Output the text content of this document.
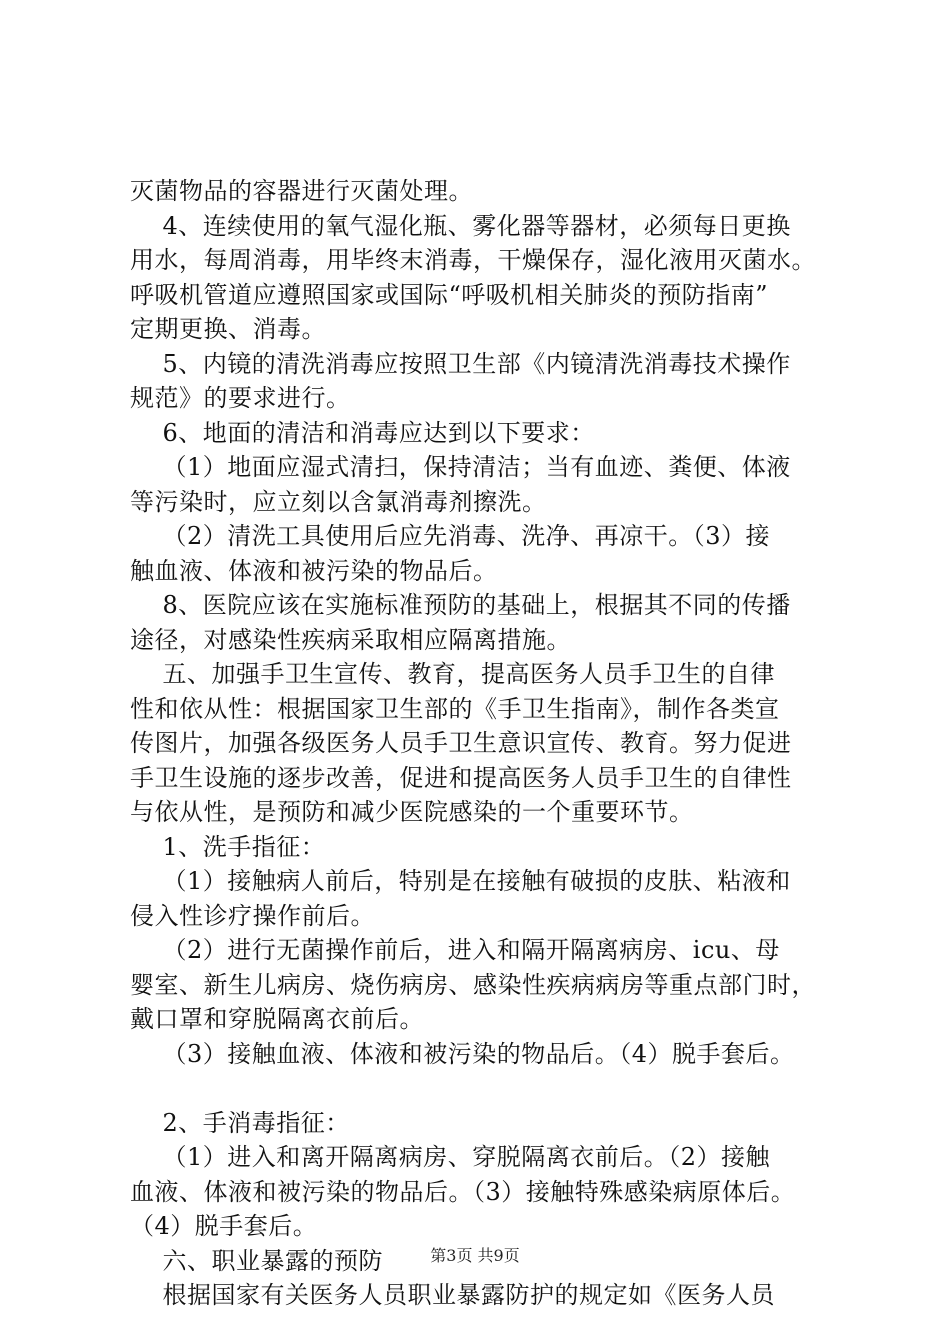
灭菌物品的容器进行灭菌处理。
4、连续使用的氧气湿化瓶、雾化器等器材，必须每日更换
用水，每周消毒，用毕终末消毒，干燥保存，湿化液用灭菌水。
呼吸机管道应遵照国家或国际“呼吸机相关肺炎的预防指南”
定期更换、消毒。
5、内镜的清洗消毒应按照卫生部《内镜清洗消毒技术操作
规范》的要求进行。
6、地面的清洁和消毒应达到以下要求：
（1）地面应湿式清扫，保持清洁；当有血迹、粪便、体液
等污染时，应立刻以含氯消毒剂擦洗。
（2）清洗工具使用后应先消毒、洗净、再凉干。（3）接
触血液、体液和被污染的物品后。
8、医院应该在实施标准预防的基础上，根据其不同的传播
途径，对感染性疾病采取相应隔离措施。
五、加强手卫生宣传、教育，提高医务人员手卫生的自律
性和依从性：根据国家卫生部的《手卫生指南》，制作各类宣
传图片，加强各级医务人员手卫生意识宣传、教育。努力促进
手卫生设施的逐步改善，促进和提高医务人员手卫生的自律性
与依从性，是预防和减少医院感染的一个重要环节。
1、洗手指征：
（1）接触病人前后，特别是在接触有破损的皮肤、粘液和
侵入性诊疗操作前后。
（2）进行无菌操作前后，进入和隔开隔离病房、icu、母
婴室、新生儿病房、烧伤病房、感染性疾病病房等重点部门时，
戴口罩和穿脱隔离衣前后。
（3）接触血液、体液和被污染的物品后。（4）脱手套后。
2、手消毒指征：
（1）进入和离开隔离病房、穿脱隔离衣前后。（2）接触
血液、体液和被污染的物品后。（3）接触特殊感染病原体后。
（4）脱手套后。
六、职业暴露的预防
根据国家有关医务人员职业暴露防护的规定如《医务人员
第3页 共9页
